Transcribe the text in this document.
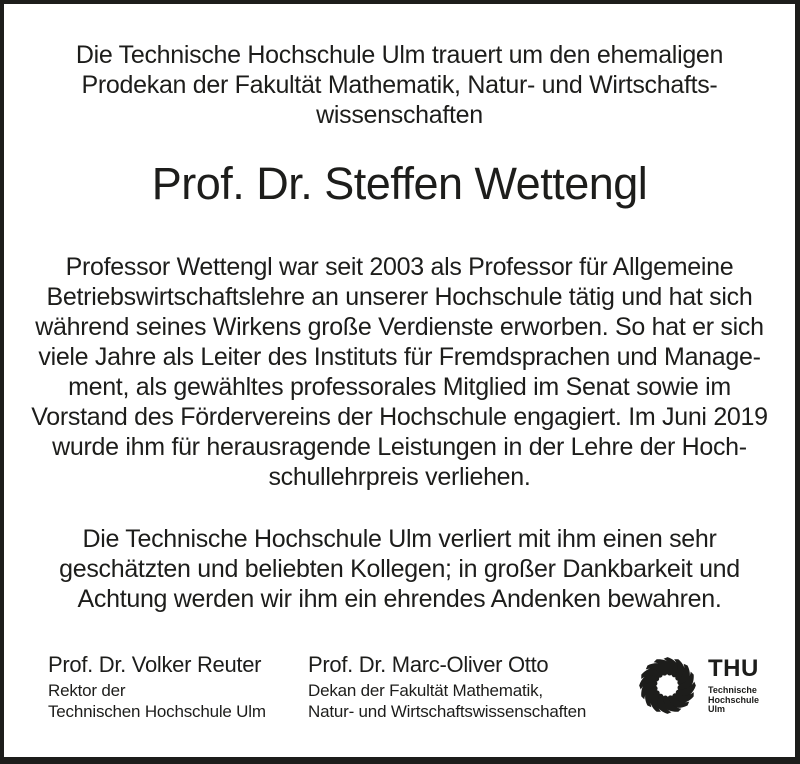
Die Technische Hochschule Ulm trauert um den ehemaligen
Prodekan der Fakultät Mathematik, Natur- und Wirtschafts-
wissenschaften
Prof. Dr. Steffen Wettengl
Professor Wettengl war seit 2003 als Professor für Allgemeine
Betriebswirtschaftslehre an unserer Hochschule tätig und hat sich
während seines Wirkens große Verdienste erworben. So hat er sich
viele Jahre als Leiter des Instituts für Fremdsprachen und Manage-
ment, als gewähltes professorales Mitglied im Senat sowie im
Vorstand des Fördervereins der Hochschule engagiert. Im Juni 2019
wurde ihm für herausragende Leistungen in der Lehre der Hoch-
schullehrpreis verliehen.
Die Technische Hochschule Ulm verliert mit ihm einen sehr
geschätzten und beliebten Kollegen; in großer Dankbarkeit und
Achtung werden wir ihm ein ehrendes Andenken bewahren.
Prof. Dr. Volker Reuter
Rektor der
Technischen Hochschule Ulm
Prof. Dr. Marc-Oliver Otto
Dekan der Fakultät Mathematik,
Natur- und Wirtschaftswissenschaften
THU
Technische
Hochschule
Ulm
